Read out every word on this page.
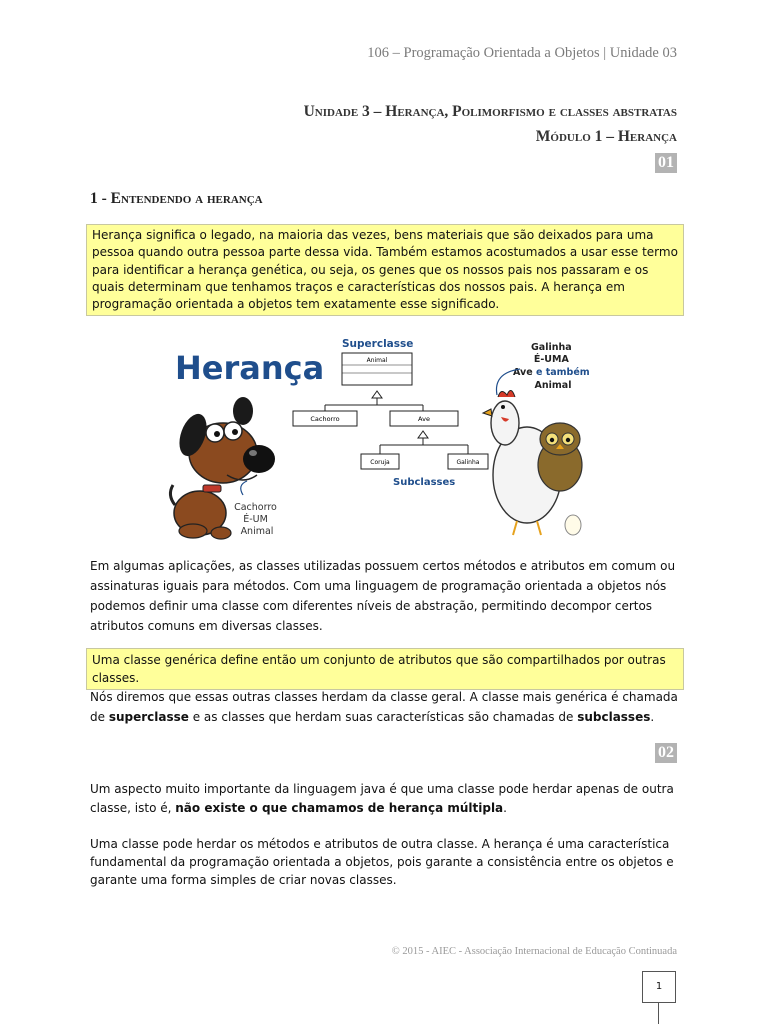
106 – Programação Orientada a Objetos | Unidade 03
Unidade 3 – Herança, Polimorfismo e classes abstratas
Módulo 1 – Herança
01
1 - Entendendo a herança
Herança significa o legado, na maioria das vezes, bens materiais que são deixados para uma pessoa quando outra pessoa parte dessa vida. Também estamos acostumados a usar esse termo para identificar a herança genética, ou seja, os genes que os nossos pais nos passaram e os quais determinam que tenhamos traços e características dos nossos pais. A herança em programação orientada a objetos tem exatamente esse significado.
Herança
Superclasse
Animal
Cachorro	Ave
Coruja	Galinha
Subclasses
Cachorro É-UM Animal
Galinha É-UMA Ave e também Animal
Em algumas aplicações, as classes utilizadas possuem certos métodos e atributos em comum ou assinaturas iguais para métodos. Com uma linguagem de programação orientada a objetos nós podemos definir uma classe com diferentes níveis de abstração, permitindo decompor certos atributos comuns em diversas classes.
Uma classe genérica define então um conjunto de atributos que são compartilhados por outras classes.
Nós diremos que essas outras classes herdam da classe geral. A classe mais genérica é chamada de superclasse e as classes que herdam suas características são chamadas de subclasses.
02
Um aspecto muito importante da linguagem java é que uma classe pode herdar apenas de outra classe, isto é, não existe o que chamamos de herança múltipla.
Uma classe pode herdar os métodos e atributos de outra classe. A herança é uma característica fundamental da programação orientada a objetos, pois garante a consistência entre os objetos e garante uma forma simples de criar novas classes.
© 2015 - AIEC - Associação Internacional de Educação Continuada
1
